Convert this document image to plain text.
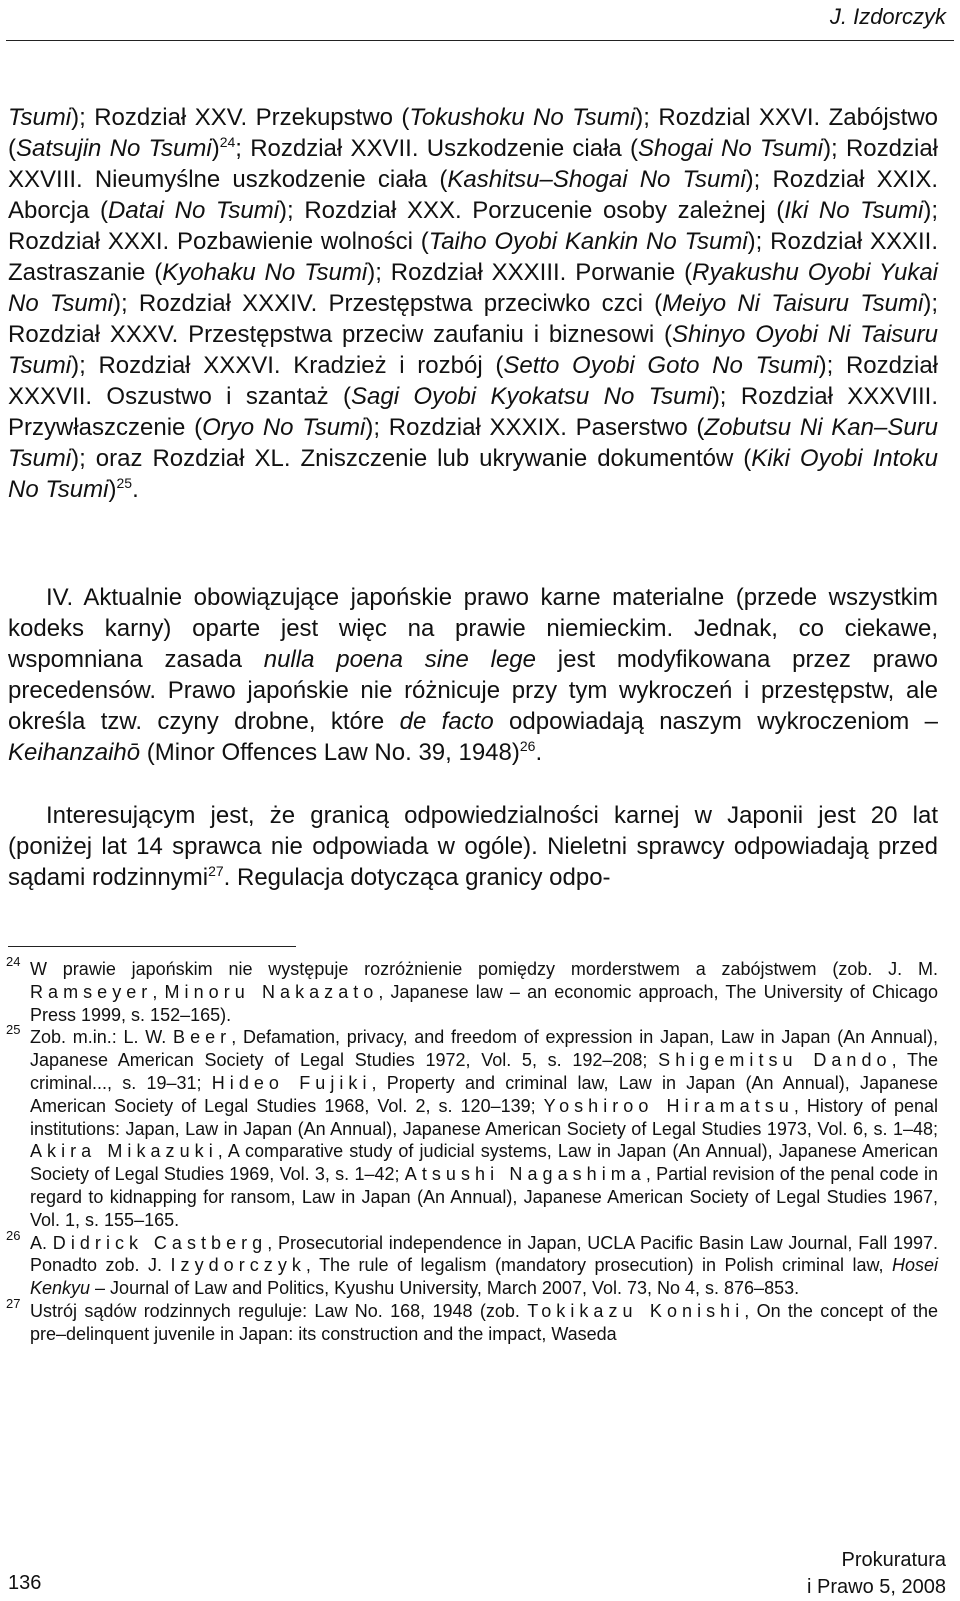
J. Izdorczyk
Tsumi); Rozdział XXV. Przekupstwo (Tokushoku No Tsumi); Rozdzial XXVI. Zabójstwo (Satsujin No Tsumi)$^{24}$; Rozdział XXVII. Uszkodzenie ciała (Shogai No Tsumi); Rozdział XXVIII. Nieumyślne uszkodzenie ciała (Kashitsu–Shogai No Tsumi); Rozdział XXIX. Aborcja (Datai No Tsumi); Rozdział XXX. Porzucenie osoby zależnej (Iki No Tsumi); Rozdział XXXI. Pozbawienie wolności (Taiho Oyobi Kankin No Tsumi); Rozdział XXXII. Zastraszanie (Kyohaku No Tsumi); Rozdział XXXIII. Porwanie (Ryakushu Oyobi Yukai No Tsumi); Rozdział XXXIV. Przestępstwa przeciwko czci (Meiyo Ni Taisuru Tsumi); Rozdział XXXV. Przestępstwa przeciw zaufaniu i biznesowi (Shinyo Oyobi Ni Taisuru Tsumi); Rozdział XXXVI. Kradzież i rozbój (Setto Oyobi Goto No Tsumi); Rozdział XXXVII. Oszustwo i szantaż (Sagi Oyobi Kyokatsu No Tsumi); Rozdział XXXVIII. Przywłaszczenie (Oryo No Tsumi); Rozdział XXXIX. Paserstwo (Zobutsu Ni Kan–Suru Tsumi); oraz Rozdział XL. Zniszczenie lub ukrywanie dokumentów (Kiki Oyobi Intoku No Tsumi)$^{25}$.
IV. Aktualnie obowiązujące japońskie prawo karne materialne (przede wszystkim kodeks karny) oparte jest więc na prawie niemieckim. Jednak, co ciekawe, wspomniana zasada nulla poena sine lege jest modyfikowana przez prawo precedensów. Prawo japońskie nie różnicuje przy tym wykroczeń i przestępstw, ale określa tzw. czyny drobne, które de facto odpowiadają naszym wykroczeniom – Keihanzaihō (Minor Offences Law No. 39, 1948)$^{26}$.
Interesującym jest, że granicą odpowiedzialności karnej w Japonii jest 20 lat (poniżej lat 14 sprawca nie odpowiada w ogóle). Nieletni sprawcy odpowiadają przed sądami rodzinnymi$^{27}$. Regulacja dotycząca granicy odpo-
24 W prawie japońskim nie występuje rozróżnienie pomiędzy morderstwem a zabójstwem (zob. J. M. Ramseyer, Minoru Nakazato, Japanese law – an economic approach, The University of Chicago Press 1999, s. 152–165).
25 Zob. m.in.: L. W. Beer, Defamation, privacy, and freedom of expression in Japan, Law in Japan (An Annual), Japanese American Society of Legal Studies 1972, Vol. 5, s. 192–208; Shigemitsu Dando, The criminal..., s. 19–31; Hideo Fujiki, Property and criminal law, Law in Japan (An Annual), Japanese American Society of Legal Studies 1968, Vol. 2, s. 120–139; Yoshiroo Hiramatsu, History of penal institutions: Japan, Law in Japan (An Annual), Japanese American Society of Legal Studies 1973, Vol. 6, s. 1–48; Akira Mikazuki, A comparative study of judicial systems, Law in Japan (An Annual), Japanese American Society of Legal Studies 1969, Vol. 3, s. 1–42; Atsushi Nagashima, Partial revision of the penal code in regard to kidnapping for ransom, Law in Japan (An Annual), Japanese American Society of Legal Studies 1967, Vol. 1, s. 155–165.
26 A. Didrick Castberg, Prosecutorial independence in Japan, UCLA Pacific Basin Law Journal, Fall 1997. Ponadto zob. J. Izydorczyk, The rule of legalism (mandatory prosecution) in Polish criminal law, Hosei Kenkyu – Journal of Law and Politics, Kyushu University, March 2007, Vol. 73, No 4, s. 876–853.
27 Ustrój sądów rodzinnych reguluje: Law No. 168, 1948 (zob. Tokikazu Konishi, On the concept of the pre–delinquent juvenile in Japan: its construction and the impact, Waseda
136
Prokuratura
i Prawo 5, 2008
